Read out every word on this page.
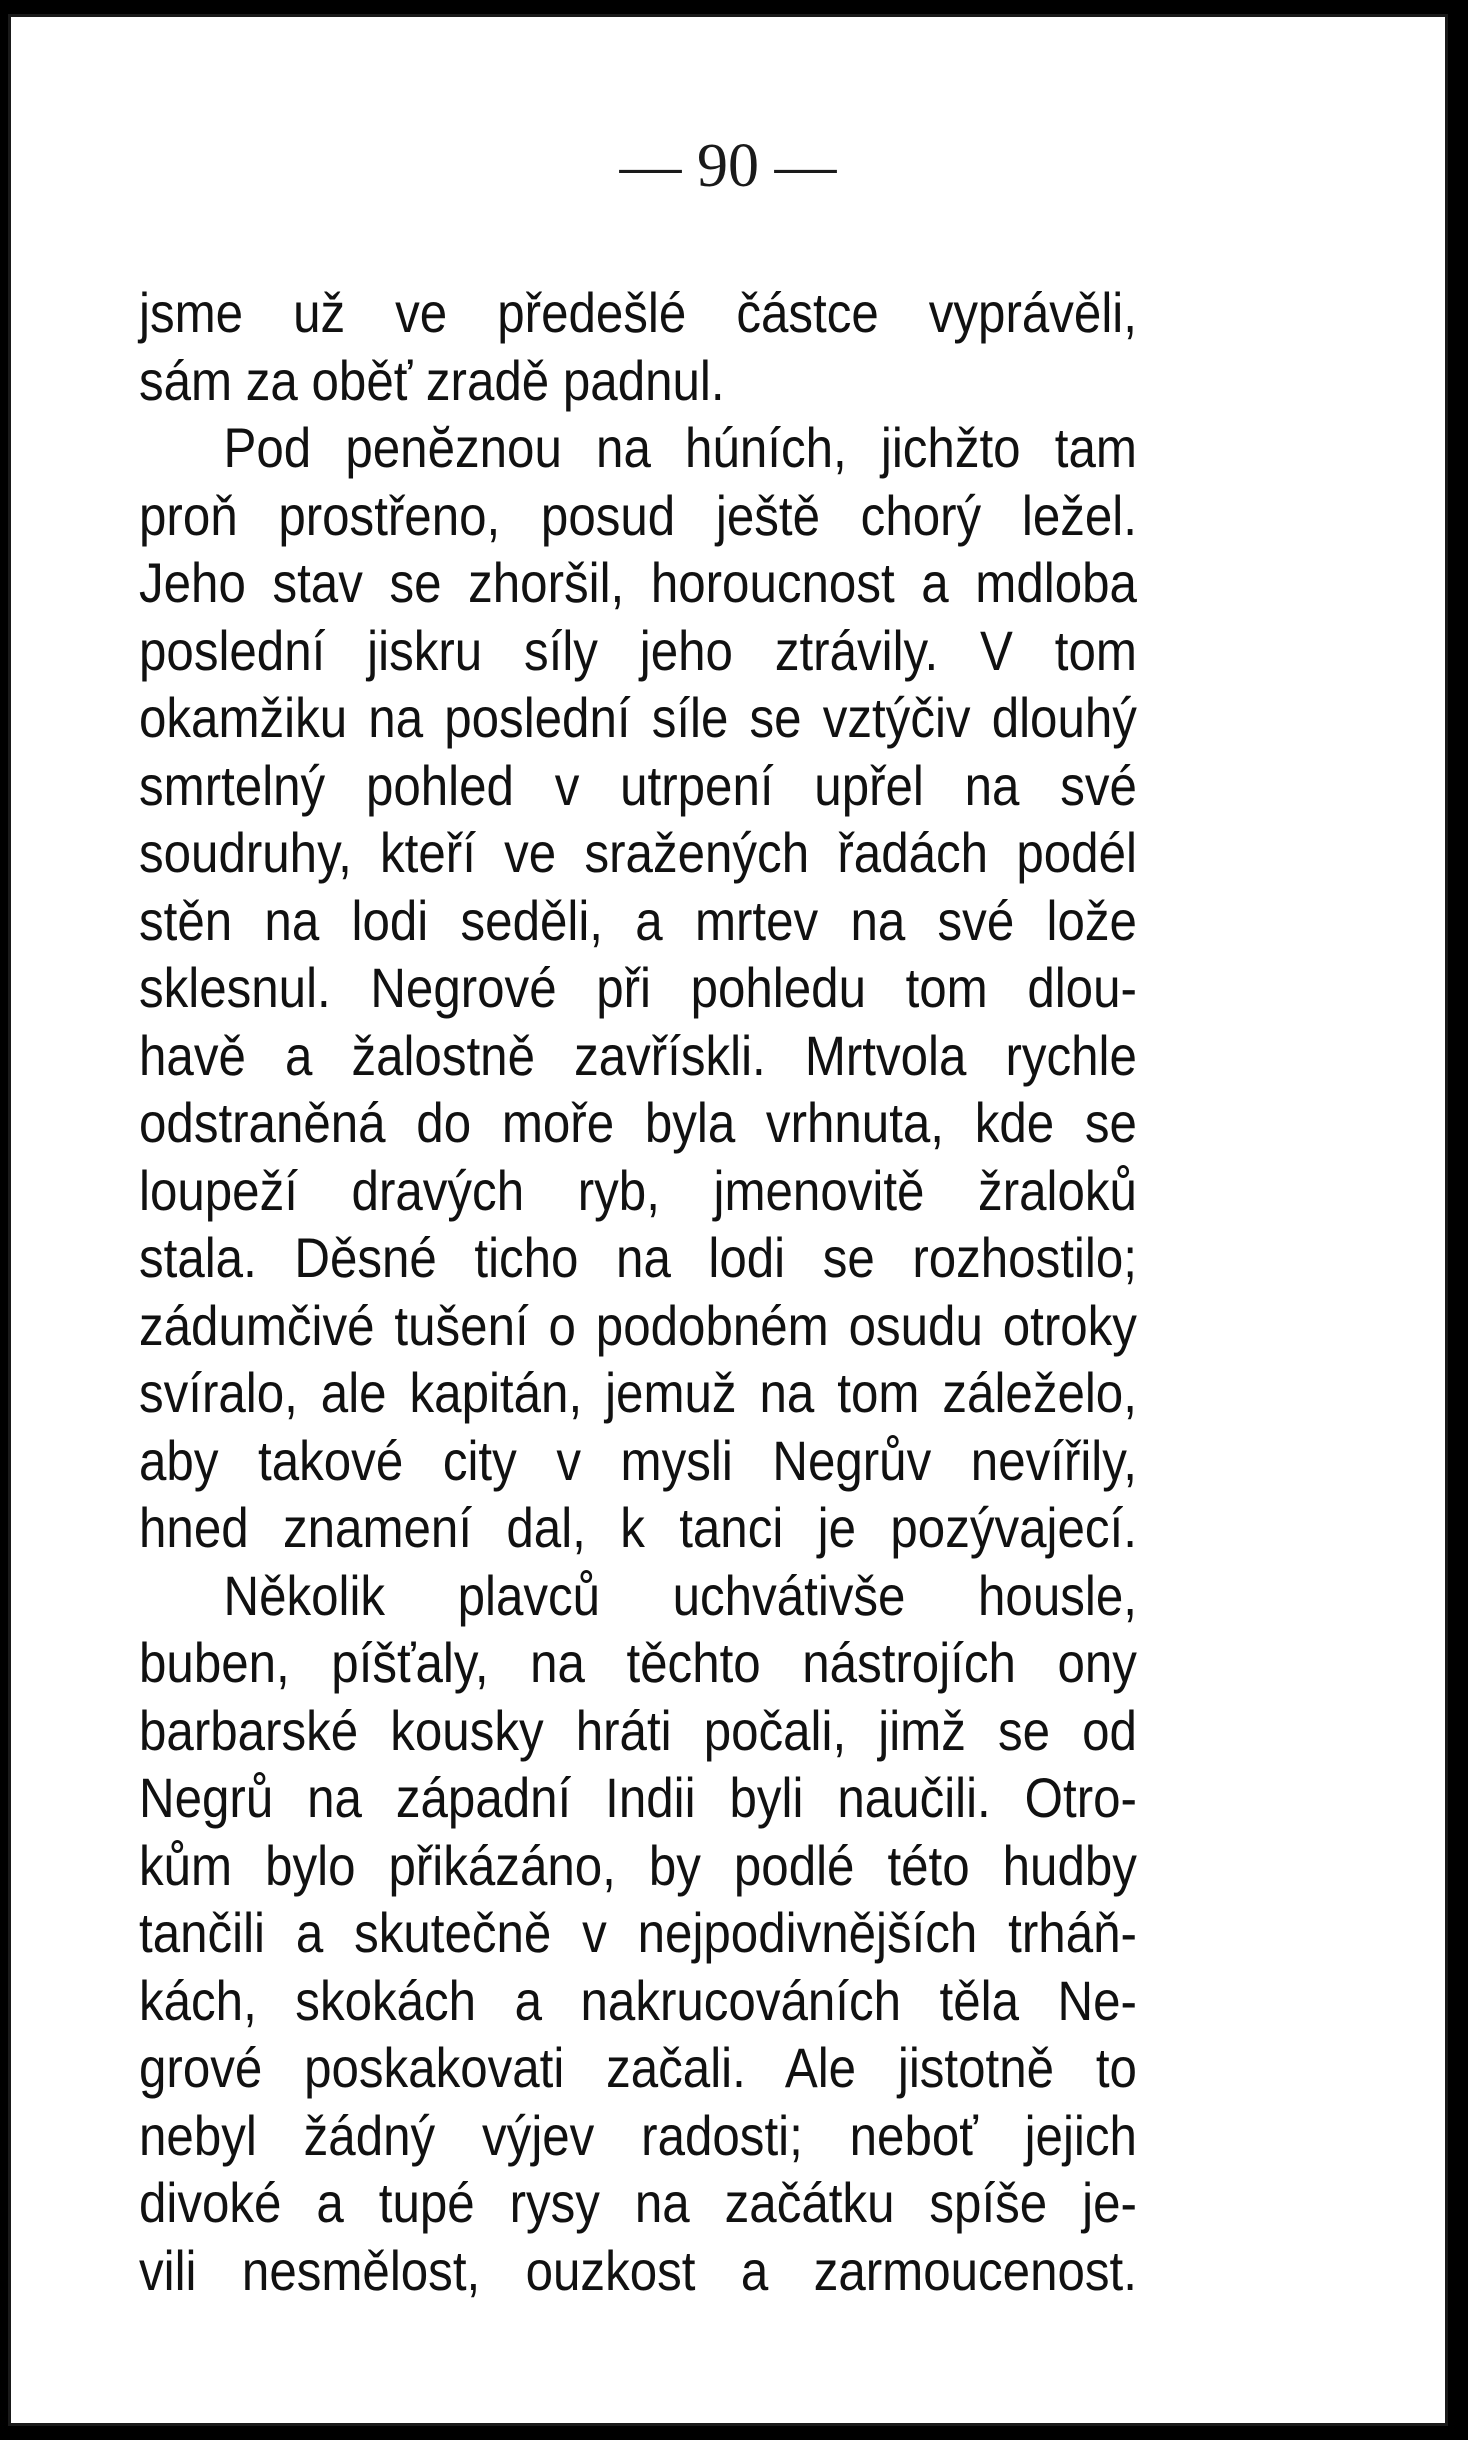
— 90 —
jsme už ve předešlé částce vyprávěli,
sám za oběť zradě padnul.
Pod penĕznou na húních, jichžto tam
proň prostřeno, posud ještě chorý ležel.
Jeho stav se zhoršil, horoucnost a mdloba
poslední jiskru síly jeho ztrávily. V tom
okamžiku na poslední síle se vztýčiv dlouhý
smrtelný pohled v utrpení upřel na své
soudruhy, kteří ve sražených řadách podél
stěn na lodi seděli, a mrtev na své lože
sklesnul. Negrové při pohledu tom dlou-
havě a žalostně zavřískli. Mrtvola rychle
odstraněná do moře byla vrhnuta, kde se
loupeží dravých ryb, jmenovitě žraloků
stala. Děsné ticho na lodi se rozhostilo;
zádumčivé tušení o podobném osudu otroky
svíralo, ale kapitán, jemuž na tom záleželo,
aby takové city v mysli Negrův nevířily,
hned znamení dal, k tanci je pozývajecí.
Několik plavců uchvátivše housle,
buben, píšťaly, na těchto nástrojích ony
barbarské kousky hráti počali, jimž se od
Negrů na západní Indii byli naučili. Otro-
kům bylo přikázáno, by podlé této hudby
tančili a skutečně v nejpodivnějších trháň-
kách, skokách a nakrucováních těla Ne-
grové poskakovati začali. Ale jistotně to
nebyl žádný výjev radosti; neboť jejich
divoké a tupé rysy na začátku spíše je-
vili nesmělost, ouzkost a zarmoucenost.
